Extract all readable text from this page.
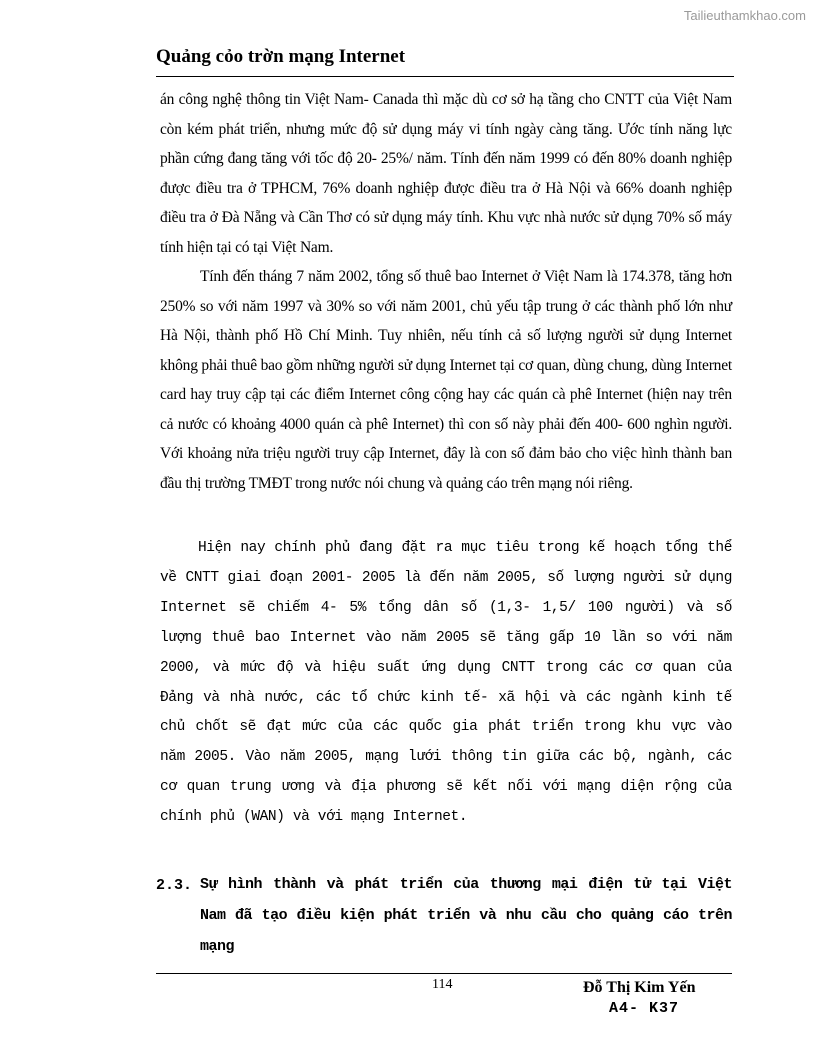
Tailieuthamkhao.com
Quảng cỏo trờn mạng Internet
án công nghệ thông tin Việt Nam- Canada thì mặc dù cơ sở hạ tầng cho CNTT của Việt Nam còn kém phát triển, nhưng mức độ sử dụng máy vi tính ngày càng tăng. Ước tính năng lực phần cứng đang tăng với tốc độ 20- 25%/ năm. Tính đến năm 1999 có đến 80% doanh nghiệp được điều tra ở TPHCM, 76% doanh nghiệp được điều tra ở Hà Nội và 66% doanh nghiệp điều tra ở Đà Nẵng và Cần Thơ có sử dụng máy tính. Khu vực nhà nước sử dụng 70% số máy tính hiện tại có tại Việt Nam.
Tính đến tháng 7 năm 2002, tổng số thuê bao Internet ở Việt Nam là 174.378, tăng hơn 250% so với năm 1997 và 30% so với năm 2001, chủ yếu tập trung ở các thành phố lớn như Hà Nội, thành phố Hồ Chí Minh. Tuy nhiên, nếu tính cả số lượng người sử dụng Internet không phải thuê bao gồm những người sử dụng Internet tại cơ quan, dùng chung, dùng Internet card hay truy cập tại các điểm Internet công cộng hay các quán cà phê Internet (hiện nay trên cả nước có khoảng 4000 quán cà phê Internet) thì con số này phải đến 400- 600 nghìn người. Với khoảng nửa triệu người truy cập Internet, đây là con số đảm bảo cho việc hình thành ban đầu thị trường TMĐT trong nước nói chung và quảng cáo trên mạng nói riêng.
Hiện nay chính phủ đang đặt ra mục tiêu trong kế hoạch tổng thể về CNTT giai đoạn 2001- 2005 là đến năm 2005, số lượng người sử dụng Internet sẽ chiếm 4- 5% tổng dân số (1,3- 1,5/ 100 người) và số lượng thuê bao Internet vào năm 2005 sẽ tăng gấp 10 lần so với năm 2000, và mức độ và hiệu suất ứng dụng CNTT trong các cơ quan của Đảng và nhà nước, các tổ chức kinh tế- xã hội và các ngành kinh tế chủ chốt sẽ đạt mức của các quốc gia phát triển trong khu vực vào năm 2005. Vào năm 2005, mạng lưới thông tin giữa các bộ, ngành, các cơ quan trung ương và địa phương sẽ kết nối với mạng diện rộng của chính phủ (WAN) và với mạng Internet.
2.3. Sự hình thành và phát triển của thương mại điện tử tại Việt Nam đã tạo điều kiện phát triển và nhu cầu cho quảng cáo trên mạng
114	Đỗ Thị Kim Yến
A4- K37
